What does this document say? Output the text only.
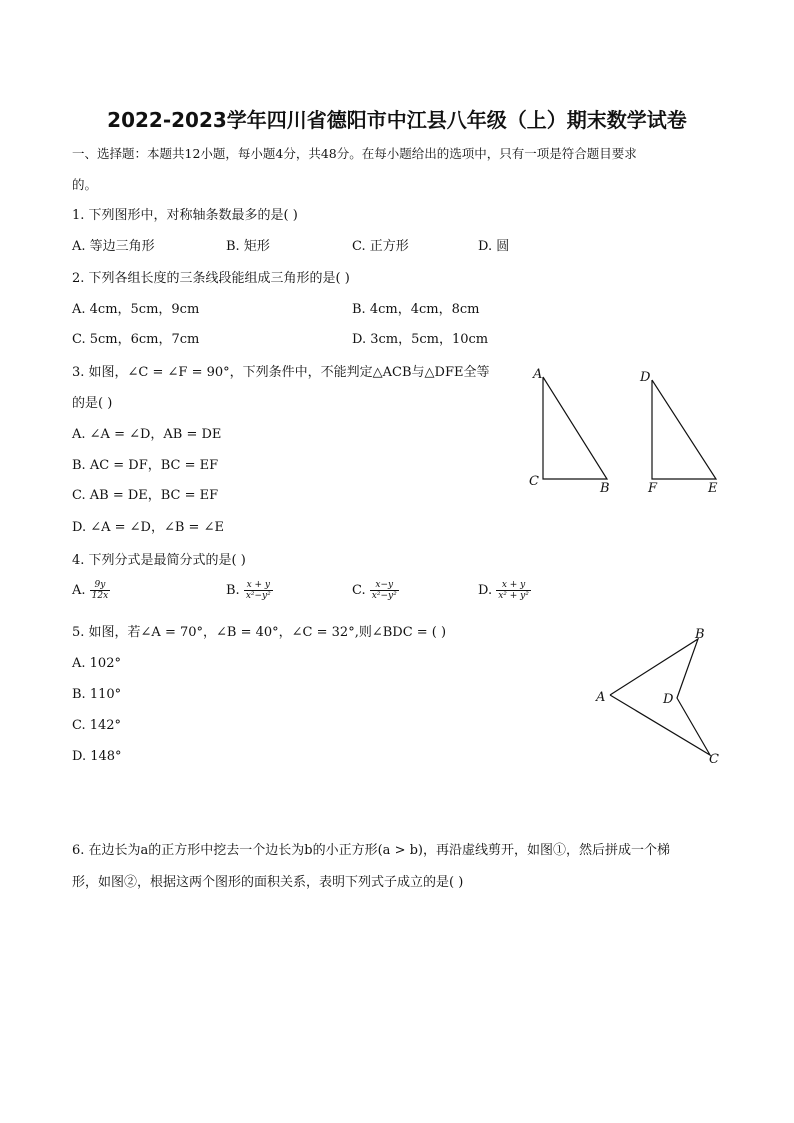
2022-2023学年四川省德阳市中江县八年级（上）期末数学试卷
一、选择题：本题共12小题，每小题4分，共48分。在每小题给出的选项中，只有一项是符合题目要求
的。
1. 下列图形中，对称轴条数最多的是( )
A. 等边三角形	B. 矩形	C. 正方形	D. 圆
2. 下列各组长度的三条线段能组成三角形的是( )
A. 4cm，5cm，9cm	B. 4cm，4cm，8cm
C. 5cm，6cm，7cm	D. 3cm，5cm，10cm
3. 如图，∠C = ∠F = 90°，下列条件中，不能判定△ACB与△DFE全等
的是( )
A. ∠A = ∠D，AB = DE
B. AC = DF，BC = EF
C. AB = DE，BC = EF
D. ∠A = ∠D，∠B = ∠E
A
C	B
D
F	E
4. 下列分式是最简分式的是( )
A. $\frac{9y}{12x}$	B. $\frac{x + y}{\text{x²−y²}}$	C. $\frac{x-y}{\text{x²−y²}}$	D. $\frac{x + y}{\text{x² + y²}}$
5. 如图，若∠A = 70°，∠B = 40°，∠C = 32°,则∠BDC = ( )
A. 102°
B. 110°
C. 142°
D. 148°
A
B
D
C
6. 在边长为a的正方形中挖去一个边长为b的小正方形(a > b)，再沿虚线剪开，如图①，然后拼成一个梯
形，如图②，根据这两个图形的面积关系，表明下列式子成立的是( )
